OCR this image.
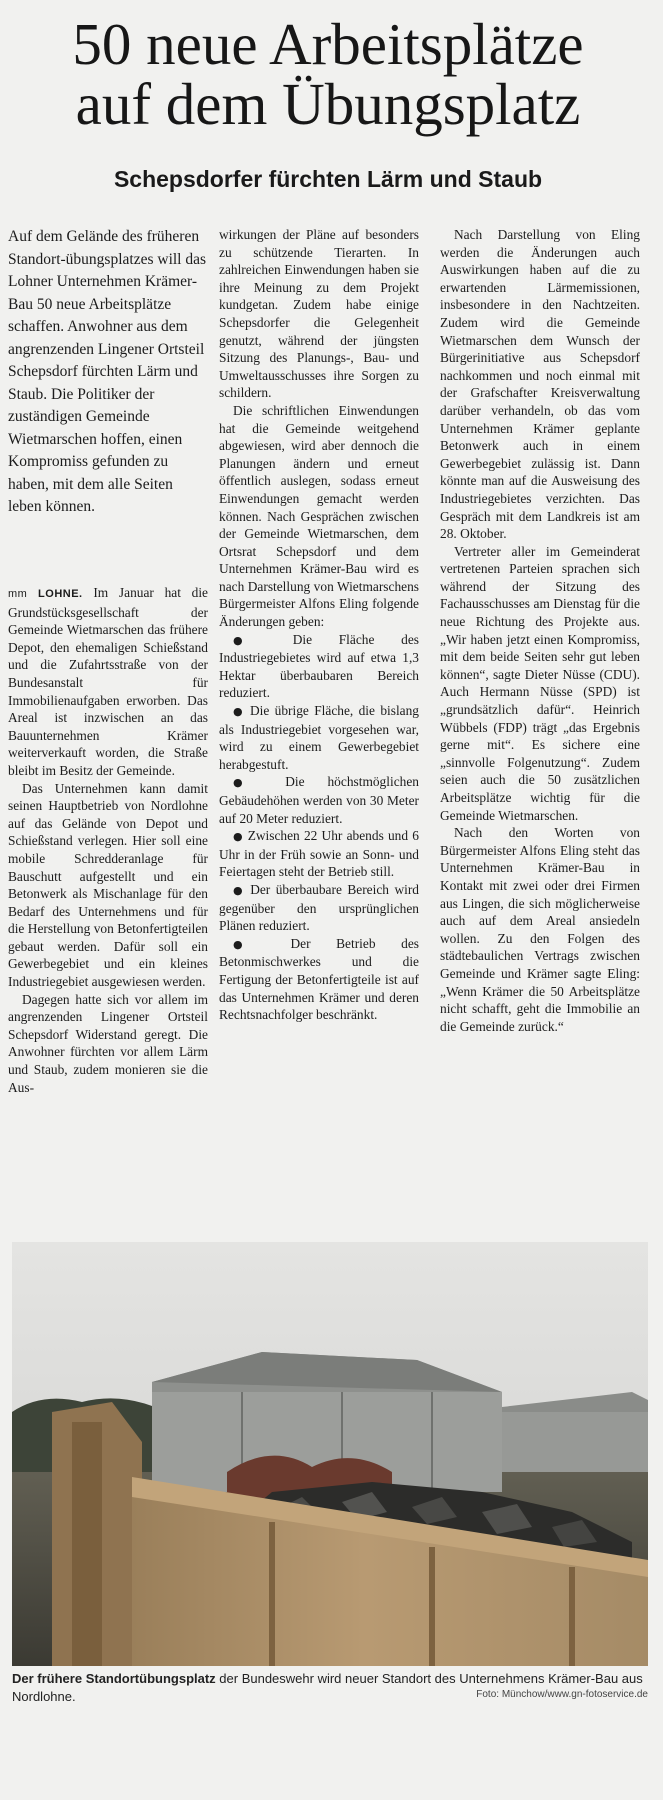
50 neue Arbeitsplätze
auf dem Übungsplatz
Schepsdorfer fürchten Lärm und Staub

Auf dem Gelände des früheren Standort-übungsplatzes will das Lohner Unternehmen Krämer-Bau 50 neue Arbeitsplätze schaffen. Anwohner aus dem angrenzenden Lingener Ortsteil Schepsdorf fürchten Lärm und Staub. Die Politiker der zuständigen Gemeinde Wietmarschen hoffen, einen Kompromiss gefunden zu haben, mit dem alle Seiten leben können.

mm LOHNE. Im Januar hat die Grundstücksgesellschaft der Gemeinde Wietmarschen das frühere Depot, den ehemaligen Schießstand und die Zufahrtsstraße von der Bundesanstalt für Immobilienaufgaben erworben. Das Areal ist inzwischen an das Bauunternehmen Krämer weiterverkauft worden, die Straße bleibt im Besitz der Gemeinde.

Das Unternehmen kann damit seinen Hauptbetrieb von Nordlohne auf das Gelände von Depot und Schießstand verlegen. Hier soll eine mobile Schredderanlage für Bauschutt aufgestellt und ein Betonwerk als Mischanlage für den Bedarf des Unternehmens und für die Herstellung von Betonfertigteilen gebaut werden. Dafür soll ein Gewerbegebiet und ein kleines Industriegebiet ausgewiesen werden.

Dagegen hatte sich vor allem im angrenzenden Lingener Ortsteil Schepsdorf Widerstand geregt. Die Anwohner fürchten vor allem Lärm und Staub, zudem monieren sie die Aus-

wirkungen der Pläne auf besonders zu schützende Tierarten. In zahlreichen Einwendungen haben sie ihre Meinung zu dem Projekt kundgetan. Zudem habe einige Schepsdorfer die Gelegenheit genutzt, während der jüngsten Sitzung des Planungs-, Bau- und Umweltausschusses ihre Sorgen zu schildern.

Die schriftlichen Einwendungen hat die Gemeinde weitgehend abgewiesen, wird aber dennoch die Planungen ändern und erneut öffentlich auslegen, sodass erneut Einwendungen gemacht werden können. Nach Gesprächen zwischen der Gemeinde Wietmarschen, dem Ortsrat Schepsdorf und dem Unternehmen Krämer-Bau wird es nach Darstellung von Wietmarschens Bürgermeister Alfons Eling folgende Änderungen geben:

● Die Fläche des Industriegebietes wird auf etwa 1,3 Hektar überbaubaren Bereich reduziert.

● Die übrige Fläche, die bislang als Industriegebiet vorgesehen war, wird zu einem Gewerbegebiet herabgestuft.

● Die höchstmöglichen Gebäudehöhen werden von 30 Meter auf 20 Meter reduziert.

● Zwischen 22 Uhr abends und 6 Uhr in der Früh sowie an Sonn- und Feiertagen steht der Betrieb still.

● Der überbaubare Bereich wird gegenüber den ursprünglichen Plänen reduziert.

● Der Betrieb des Betonmischwerkes und die Fertigung der Betonfertigteile ist auf das Unternehmen Krämer und deren Rechtsnachfolger beschränkt.

Nach Darstellung von Eling werden die Änderungen auch Auswirkungen haben auf die zu erwartenden Lärmemissionen, insbesondere in den Nachtzeiten. Zudem wird die Gemeinde Wietmarschen dem Wunsch der Bürgerinitiative aus Schepsdorf nachkommen und noch einmal mit der Grafschafter Kreisverwaltung darüber verhandeln, ob das vom Unternehmen Krämer geplante Betonwerk auch in einem Gewerbegebiet zulässig ist. Dann könnte man auf die Ausweisung des Industriegebietes verzichten. Das Gespräch mit dem Landkreis ist am 28. Oktober.

Vertreter aller im Gemeinderat vertretenen Parteien sprachen sich während der Sitzung des Fachausschusses am Dienstag für die neue Richtung des Projekte aus. „Wir haben jetzt einen Kompromiss, mit dem beide Seiten sehr gut leben können“, sagte Dieter Nüsse (CDU). Auch Hermann Nüsse (SPD) ist „grundsätzlich dafür“. Heinrich Wübbels (FDP) trägt „das Ergebnis gerne mit“. Es sichere eine „sinnvolle Folgenutzung“. Zudem seien auch die 50 zusätzlichen Arbeitsplätze wichtig für die Gemeinde Wietmarschen.

Nach den Worten von Bürgermeister Alfons Eling steht das Unternehmen Krämer-Bau in Kontakt mit zwei oder drei Firmen aus Lingen, die sich möglicherweise auch auf dem Areal ansiedeln wollen. Zu den Folgen des städtebaulichen Vertrags zwischen Gemeinde und Krämer sagte Eling: „Wenn Krämer die 50 Arbeitsplätze nicht schafft, geht die Immobilie an die Gemeinde zurück.“

Der frühere Standortübungsplatz der Bundeswehr wird neuer Standort des Unternehmens Krämer-Bau aus Nordlohne.	Foto: Münchow/www.gn-fotoservice.de
